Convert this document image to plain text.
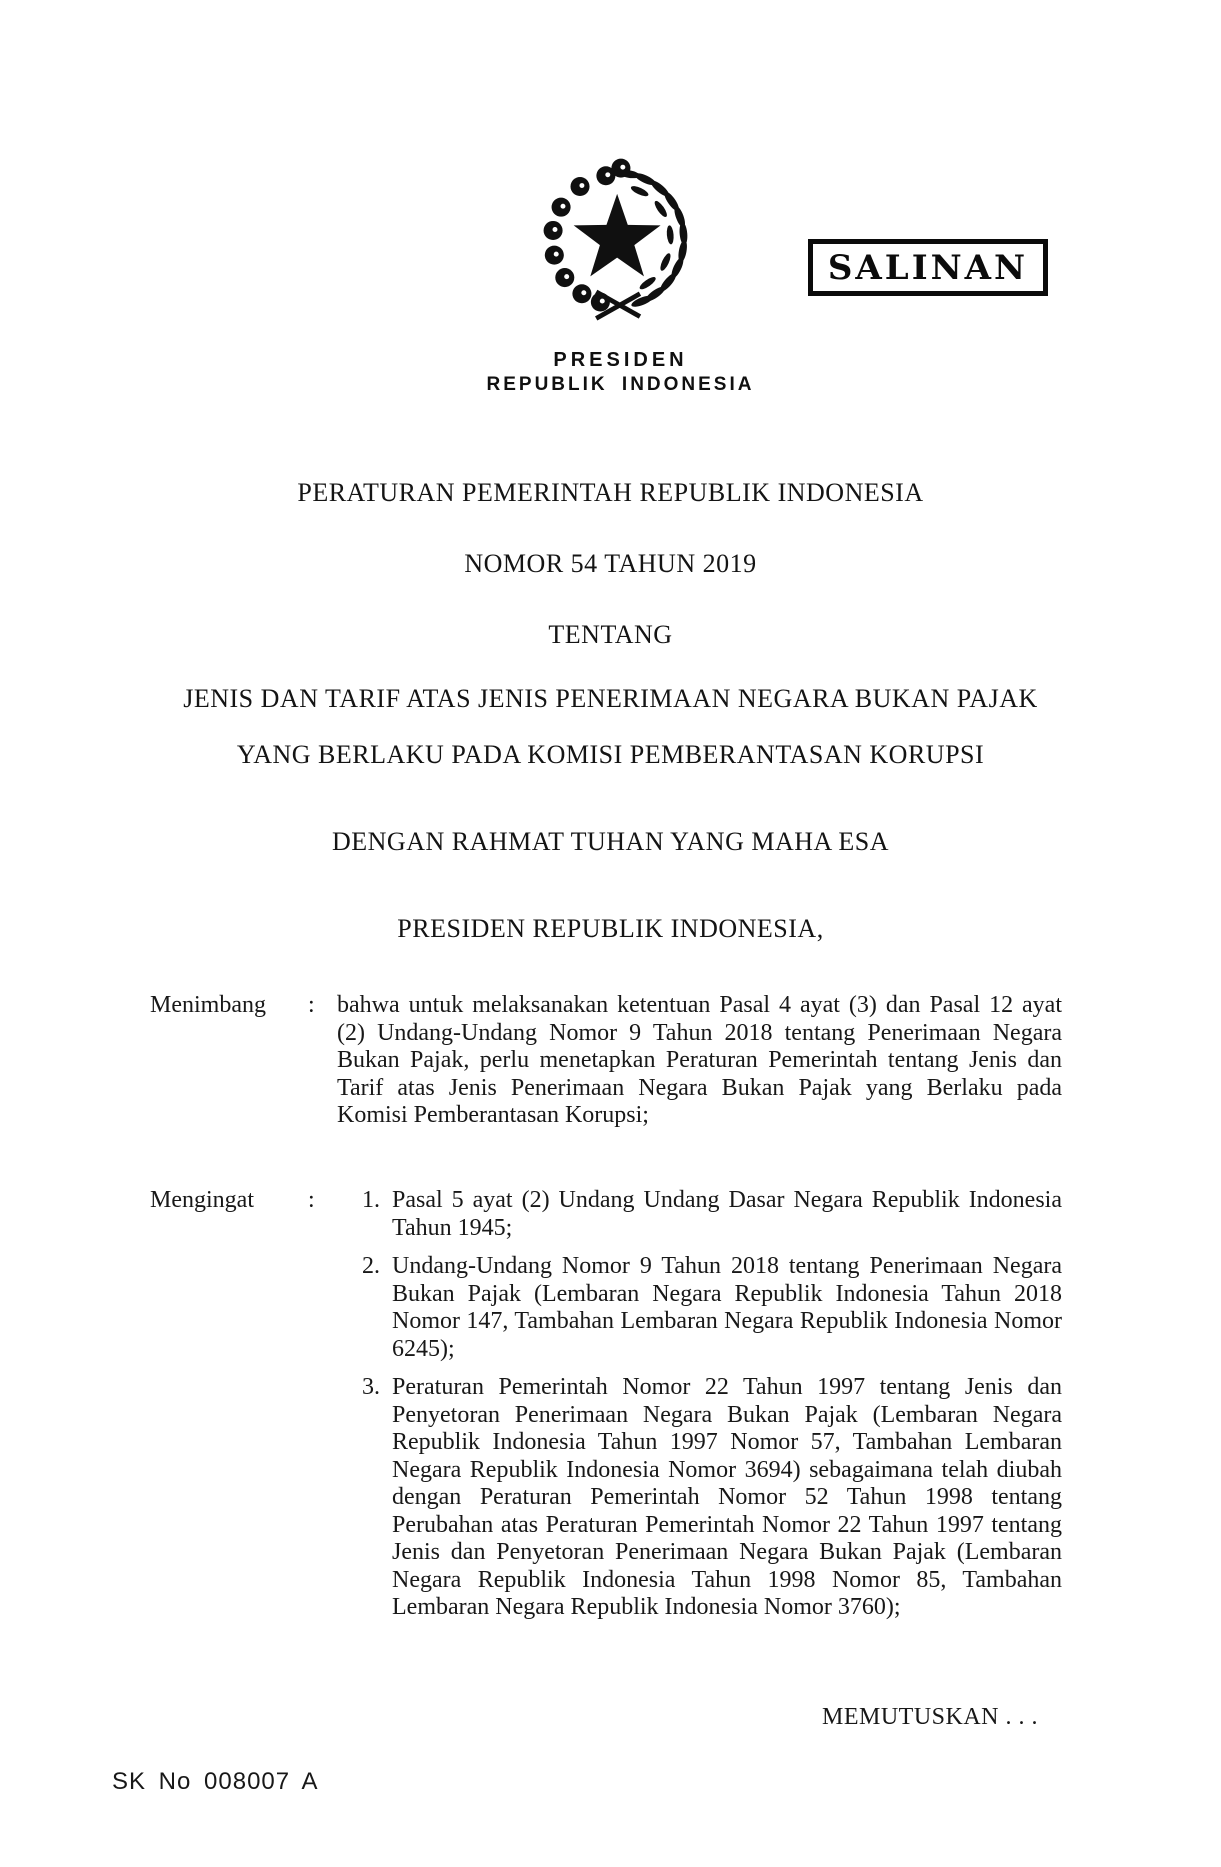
SALINAN
PRESIDEN
REPUBLIK INDONESIA
PERATURAN PEMERINTAH REPUBLIK INDONESIA
NOMOR 54 TAHUN 2019
TENTANG
JENIS DAN TARIF ATAS JENIS PENERIMAAN NEGARA BUKAN PAJAK
YANG BERLAKU PADA KOMISI PEMBERANTASAN KORUPSI
DENGAN RAHMAT TUHAN YANG MAHA ESA
PRESIDEN REPUBLIK INDONESIA,
Menimbang	: bahwa untuk melaksanakan ketentuan Pasal 4 ayat (3) dan Pasal 12 ayat (2) Undang-Undang Nomor 9 Tahun 2018 tentang Penerimaan Negara Bukan Pajak, perlu menetapkan Peraturan Pemerintah tentang Jenis dan Tarif atas Jenis Penerimaan Negara Bukan Pajak yang Berlaku pada Komisi Pemberantasan Korupsi;
Mengingat	:	1. Pasal 5 ayat (2) Undang Undang Dasar Negara Republik Indonesia Tahun 1945;
2. Undang-Undang Nomor 9 Tahun 2018 tentang Penerimaan Negara Bukan Pajak (Lembaran Negara Republik Indonesia Tahun 2018 Nomor 147, Tambahan Lembaran Negara Republik Indonesia Nomor 6245);
3. Peraturan Pemerintah Nomor 22 Tahun 1997 tentang Jenis dan Penyetoran Penerimaan Negara Bukan Pajak (Lembaran Negara Republik Indonesia Tahun 1997 Nomor 57, Tambahan Lembaran Negara Republik Indonesia Nomor 3694) sebagaimana telah diubah dengan Peraturan Pemerintah Nomor 52 Tahun 1998 tentang Perubahan atas Peraturan Pemerintah Nomor 22 Tahun 1997 tentang Jenis dan Penyetoran Penerimaan Negara Bukan Pajak (Lembaran Negara Republik Indonesia Tahun 1998 Nomor 85, Tambahan Lembaran Negara Republik Indonesia Nomor 3760);
MEMUTUSKAN . . .
SK No 008007 A
